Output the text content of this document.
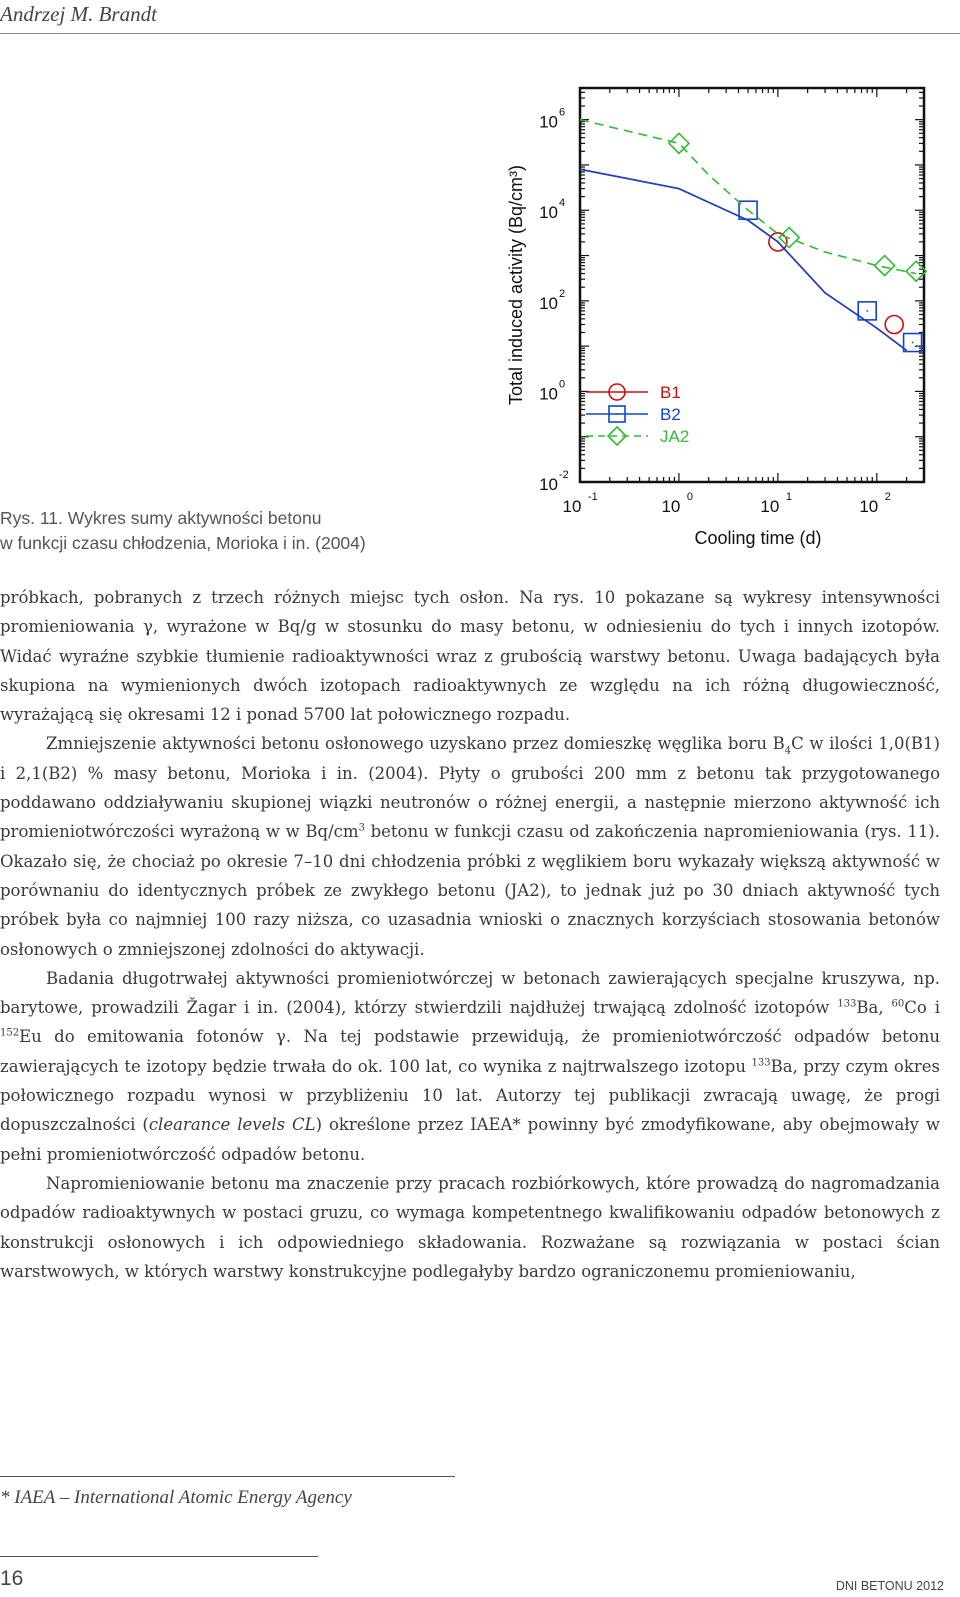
Andrzej M. Brandt
Rys. 11. Wykres sumy aktywności betonu
w funkcji czasu chłodzenia, Morioka i in. (2004)
10 -1	10 0	10 1	10 2
10 -2
10 0
10 2
10 4
10 6
Cooling time (d)
Total induced activity (Bq/cm³)	B1
B2
JA2

próbkach, pobranych z trzech różnych miejsc tych osłon. Na rys. 10 pokazane są wykresy intensywności promieniowania γ, wyrażone w Bq/g w stosunku do masy betonu, w odniesieniu do tych i innych izotopów. Widać wyraźne szybkie tłumienie radioaktywności wraz z grubością warstwy betonu. Uwaga badających była skupiona na wymienionych dwóch izotopach radioaktywnych ze względu na ich różną długowieczność, wyrażającą się okresami 12 i ponad 5700 lat połowicznego rozpadu.

Zmniejszenie aktywności betonu osłonowego uzyskano przez domieszkę węglika boru $B_4C$ w ilości 1,0(B1) i 2,1(B2) % masy betonu, Morioka i in. (2004). Płyty o grubości 200 mm z betonu tak przygotowanego poddawano oddziaływaniu skupionej wiązki neutronów o różnej energii, a następnie mierzono aktywność ich promieniotwórczości wyrażoną w w $Bq/cm^3$ betonu w funkcji czasu od zakończenia napromieniowania (rys. 11). Okazało się, że chociaż po okresie 7–10 dni chłodzenia próbki z węglikiem boru wykazały większą aktywność w porównaniu do identycznych próbek ze zwykłego betonu (JA2), to jednak już po 30 dniach aktywność tych próbek była co najmniej 100 razy niższa, co uzasadnia wnioski o znacznych korzyściach stosowania betonów osłonowych o zmniejszonej zdolności do aktywacji.

Badania długotrwałej aktywności promieniotwórczej w betonach zawierających specjalne kruszywa, np. barytowe, prowadzili Žagar i in. (2004), którzy stwierdzili najdłużej trwającą zdolność izotopów $^{133}$Ba, $^{60}$Co i $^{152}$Eu do emitowania fotonów γ. Na tej podstawie przewidują, że promieniotwórczość odpadów betonu zawierających te izotopy będzie trwała do ok. 100 lat, co wynika z najtrwalszego izotopu $^{133}$Ba, przy czym okres połowicznego rozpadu wynosi w przybliżeniu 10 lat. Autorzy tej publikacji zwracają uwagę, że progi dopuszczalności (clearance levels CL) określone przez IAEA* powinny być zmodyfikowane, aby obejmowały w pełni promieniotwórczość odpadów betonu.

Napromieniowanie betonu ma znaczenie przy pracach rozbiórkowych, które prowadzą do nagromadzania odpadów radioaktywnych w postaci gruzu, co wymaga kompetentnego kwalifikowaniu odpadów betonowych z konstrukcji osłonowych i ich odpowiedniego składowania. Rozważane są rozwiązania w postaci ścian warstwowych, w których warstwy konstrukcyjne podlegałyby bardzo ograniczonemu promieniowaniu,

* IAEA – International Atomic Energy Agency
16	DNI BETONU 2012
